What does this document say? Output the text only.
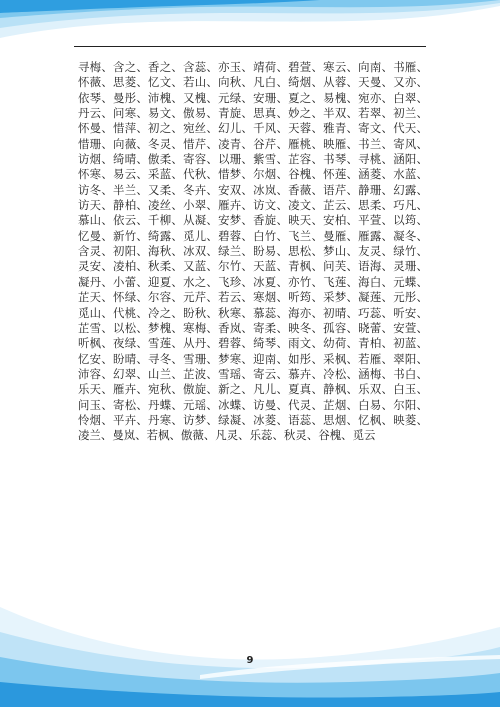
寻梅、含之、香之、含蕊、亦玉、靖荷、碧萱、寒云、向南、书雁、怀薇、思菱、忆文、若山、向秋、凡白、绮烟、从蓉、天曼、又亦、依琴、曼彤、沛槐、又槐、元绿、安珊、夏之、易槐、宛亦、白翠、丹云、问寒、易文、傲易、青旋、思真、妙之、半双、若翠、初兰、怀曼、惜萍、初之、宛丝、幻儿、千风、天蓉、雅青、寄文、代天、惜珊、向薇、冬灵、惜芹、凌青、谷芹、雁桃、映雁、书兰、寄风、访烟、绮晴、傲柔、寄容、以珊、紫雪、芷容、书琴、寻桃、涵阳、怀寒、易云、采蓝、代秋、惜梦、尔烟、谷槐、怀莲、涵菱、水蓝、访冬、半兰、又柔、冬卉、安双、冰岚、香薇、语芹、静珊、幻露、访天、静柏、凌丝、小翠、雁卉、访文、凌文、芷云、思柔、巧凡、慕山、依云、千柳、从凝、安梦、香旋、映天、安柏、平萱、以筠、忆曼、新竹、绮露、觅儿、碧蓉、白竹、飞兰、曼雁、雁露、凝冬、含灵、初阳、海秋、冰双、绿兰、盼易、思松、梦山、友灵、绿竹、灵安、凌柏、秋柔、又蓝、尔竹、天蓝、青枫、问芙、语海、灵珊、凝丹、小蕾、迎夏、水之、飞珍、冰夏、亦竹、飞莲、海白、元蝶、芷天、怀绿、尔容、元芹、若云、寒烟、听筠、采梦、凝莲、元彤、觅山、代桃、冷之、盼秋、秋寒、慕蕊、海亦、初晴、巧蕊、听安、芷雪、以松、梦槐、寒梅、香岚、寄柔、映冬、孤容、晓蕾、安萱、听枫、夜绿、雪莲、从丹、碧蓉、绮琴、雨文、幼荷、青柏、初蓝、忆安、盼晴、寻冬、雪珊、梦寒、迎南、如彤、采枫、若雁、翠阳、沛容、幻翠、山兰、芷波、雪瑶、寄云、慕卉、冷松、涵梅、书白、乐天、雁卉、宛秋、傲旋、新之、凡儿、夏真、静枫、乐双、白玉、问玉、寄松、丹蝶、元瑶、冰蝶、访曼、代灵、芷烟、白易、尔阳、怜烟、平卉、丹寒、访梦、绿凝、冰菱、语蕊、思烟、忆枫、映菱、凌兰、曼岚、若枫、傲薇、凡灵、乐蕊、秋灵、谷槐、觅云
9
